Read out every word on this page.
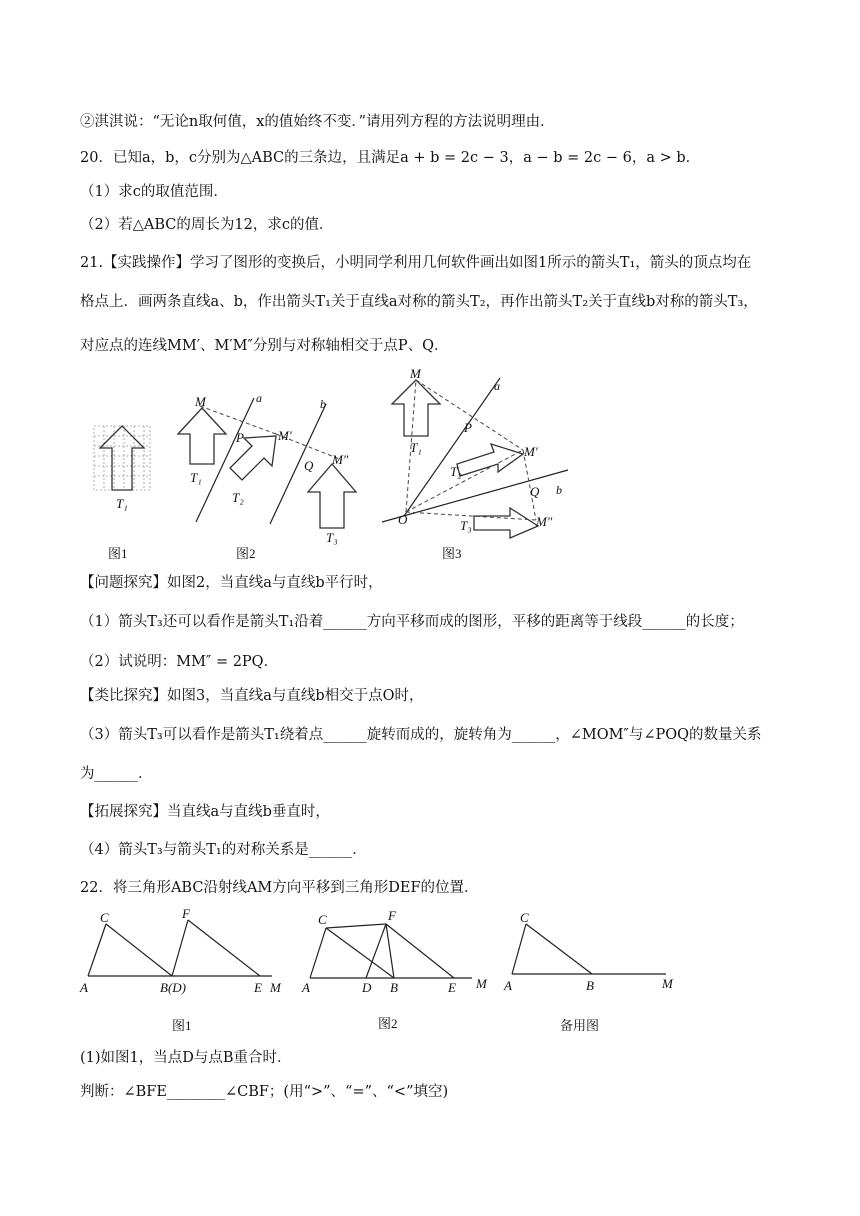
②淇淇说：“无论n取何值，x的值始终不变．”请用列方程的方法说明理由．
20．已知a，b，c分别为△ABC的三条边，且满足a + b = 2c − 3，a − b = 2c − 6，a > b．
（1）求c的取值范围．
（2）若△ABC的周长为12，求c的值．
21.【实践操作】学习了图形的变换后，小明同学利用几何软件画出如图1所示的箭头T₁，箭头的顶点均在
格点上．画两条直线a、b，作出箭头T₁关于直线a对称的箭头T₂，再作出箭头T₂关于直线b对称的箭头T₃，
对应点的连线MM′、M′M″分别与对称轴相交于点P、Q．
T₁
M	a	b
P	M′
Q M″
T₁
T₂
T₃
M
a
b
P
M′
Q
M″
O
T₁
T₂
T₃
图1	图2	图3
【问题探究】如图2，当直线a与直线b平行时，
（1）箭头T₃还可以看作是箭头T₁沿着______方向平移而成的图形，平移的距离等于线段______的长度；
（2）试说明：MM″ = 2PQ．
【类比探究】如图3，当直线a与直线b相交于点O时，
（3）箭头T₃可以看作是箭头T₁绕着点______旋转而成的，旋转角为______，∠MOM″与∠POQ的数量关系
为______．
【拓展探究】当直线a与直线b垂直时，
（4）箭头T₃与箭头T₁的对称关系是______．
22．将三角形ABC沿射线AM方向平移到三角形DEF的位置．
C	F
A	B(D)	E M
C	F
A	D B	E M
C
A	B	M
图1	图2	备用图
(1)如图1，当点D与点B重合时．
判断：∠BFE________∠CBF；(用“>”、“=”、“<”填空)
